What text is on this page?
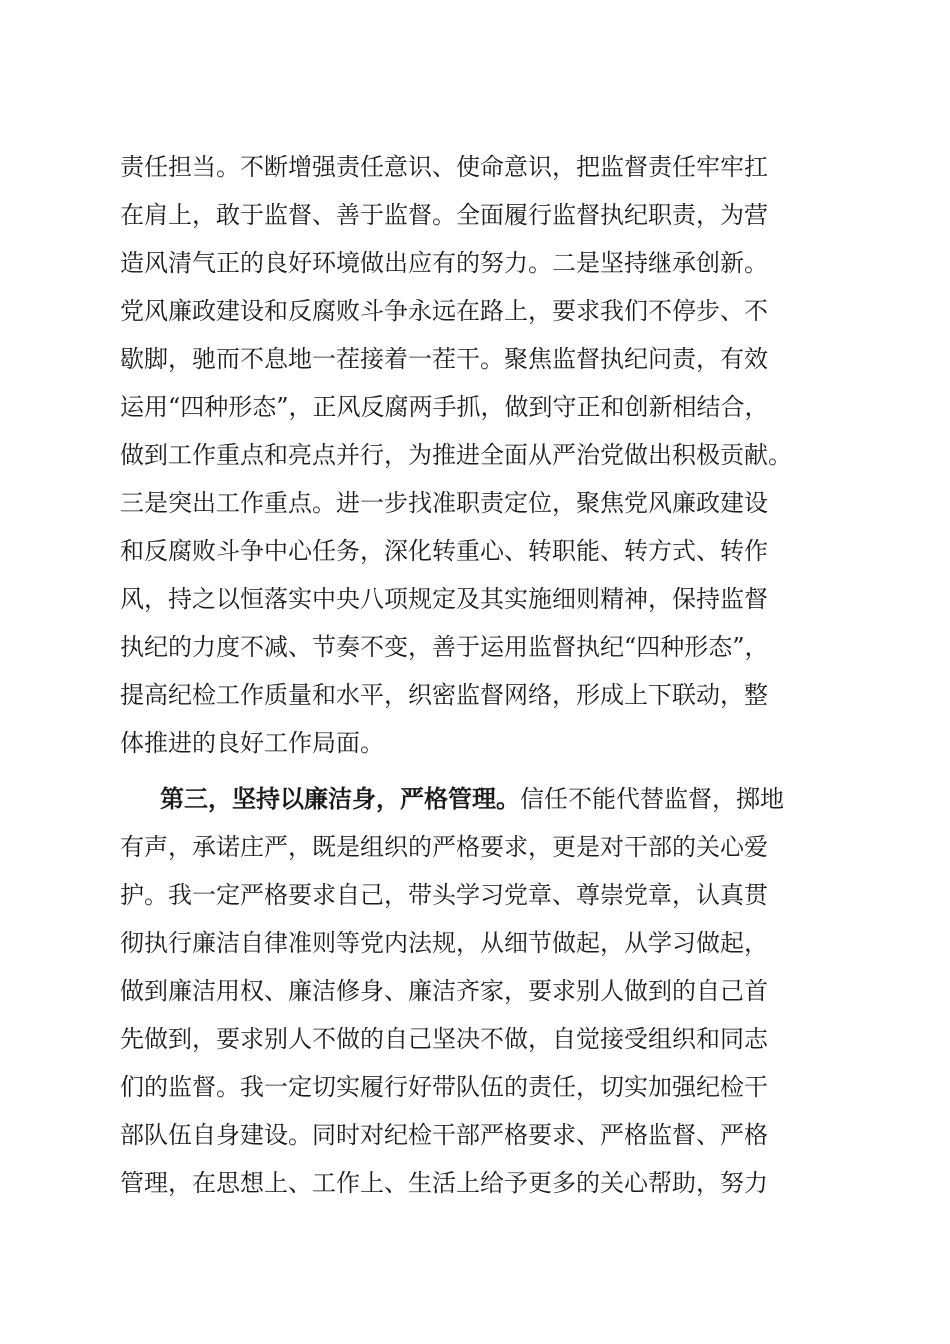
责任担当。不断增强责任意识、使命意识，把监督责任牢牢扛
在肩上，敢于监督、善于监督。全面履行监督执纪职责，为营
造风清气正的良好环境做出应有的努力。二是坚持继承创新。
党风廉政建设和反腐败斗争永远在路上，要求我们不停步、不
歇脚，驰而不息地一茬接着一茬干。聚焦监督执纪问责，有效
运用“四种形态”，正风反腐两手抓，做到守正和创新相结合，
做到工作重点和亮点并行，为推进全面从严治党做出积极贡献。
三是突出工作重点。进一步找准职责定位，聚焦党风廉政建设
和反腐败斗争中心任务，深化转重心、转职能、转方式、转作
风，持之以恒落实中央八项规定及其实施细则精神，保持监督
执纪的力度不减、节奏不变，善于运用监督执纪“四种形态”，
提高纪检工作质量和水平，织密监督网络，形成上下联动，整
体推进的良好工作局面。
第三，坚持以廉洁身，严格管理。信任不能代替监督，掷地
有声，承诺庄严，既是组织的严格要求，更是对干部的关心爱
护。我一定严格要求自己，带头学习党章、尊崇党章，认真贯
彻执行廉洁自律准则等党内法规，从细节做起，从学习做起，
做到廉洁用权、廉洁修身、廉洁齐家，要求别人做到的自己首
先做到，要求别人不做的自己坚决不做，自觉接受组织和同志
们的监督。我一定切实履行好带队伍的责任，切实加强纪检干
部队伍自身建设。同时对纪检干部严格要求、严格监督、严格
管理，在思想上、工作上、生活上给予更多的关心帮助，努力
